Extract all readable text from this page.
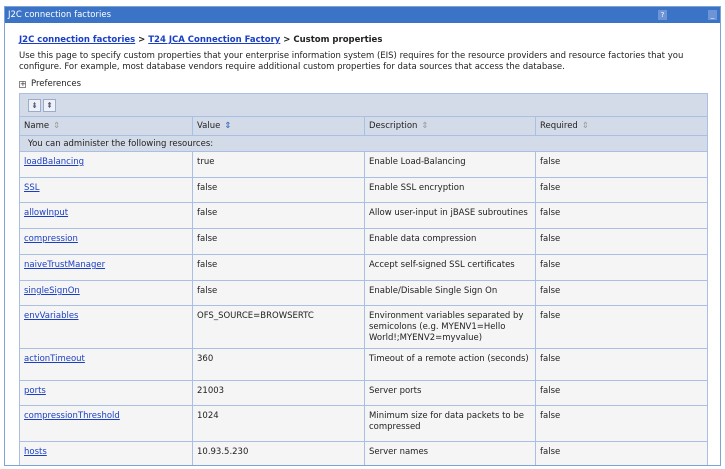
J2C connection factories	?	_
J2C connection factories > T24 JCA Connection Factory > Custom properties
Use this page to specify custom properties that your enterprise information system (EIS) requires for the resource providers and resource factories that you configure. For example, most database vendors require additional custom properties for data sources that access the database.
+ Preferences
⇟ ⇞			
Name ⇕	Value ⇕	Description ⇕	Required ⇕
You can administer the following resources:			
loadBalancing	true	Enable Load-Balancing	false
SSL	false	Enable SSL encryption	false
allowInput	false	Allow user-input in jBASE subroutines	false
compression	false	Enable data compression	false
naiveTrustManager	false	Accept self-signed SSL certificates	false
singleSignOn	false	Enable/Disable Single Sign On	false
envVariables	OFS_SOURCE=BROWSERTC	Environment variables separated by semicolons (e.g. MYENV1=Hello World!;MYENV2=myvalue)	false
actionTimeout	360	Timeout of a remote action (seconds)	false
ports	21003	Server ports	false
compressionThreshold	1024	Minimum size for data packets to be compressed	false
hosts	10.93.5.230	Server names	false
